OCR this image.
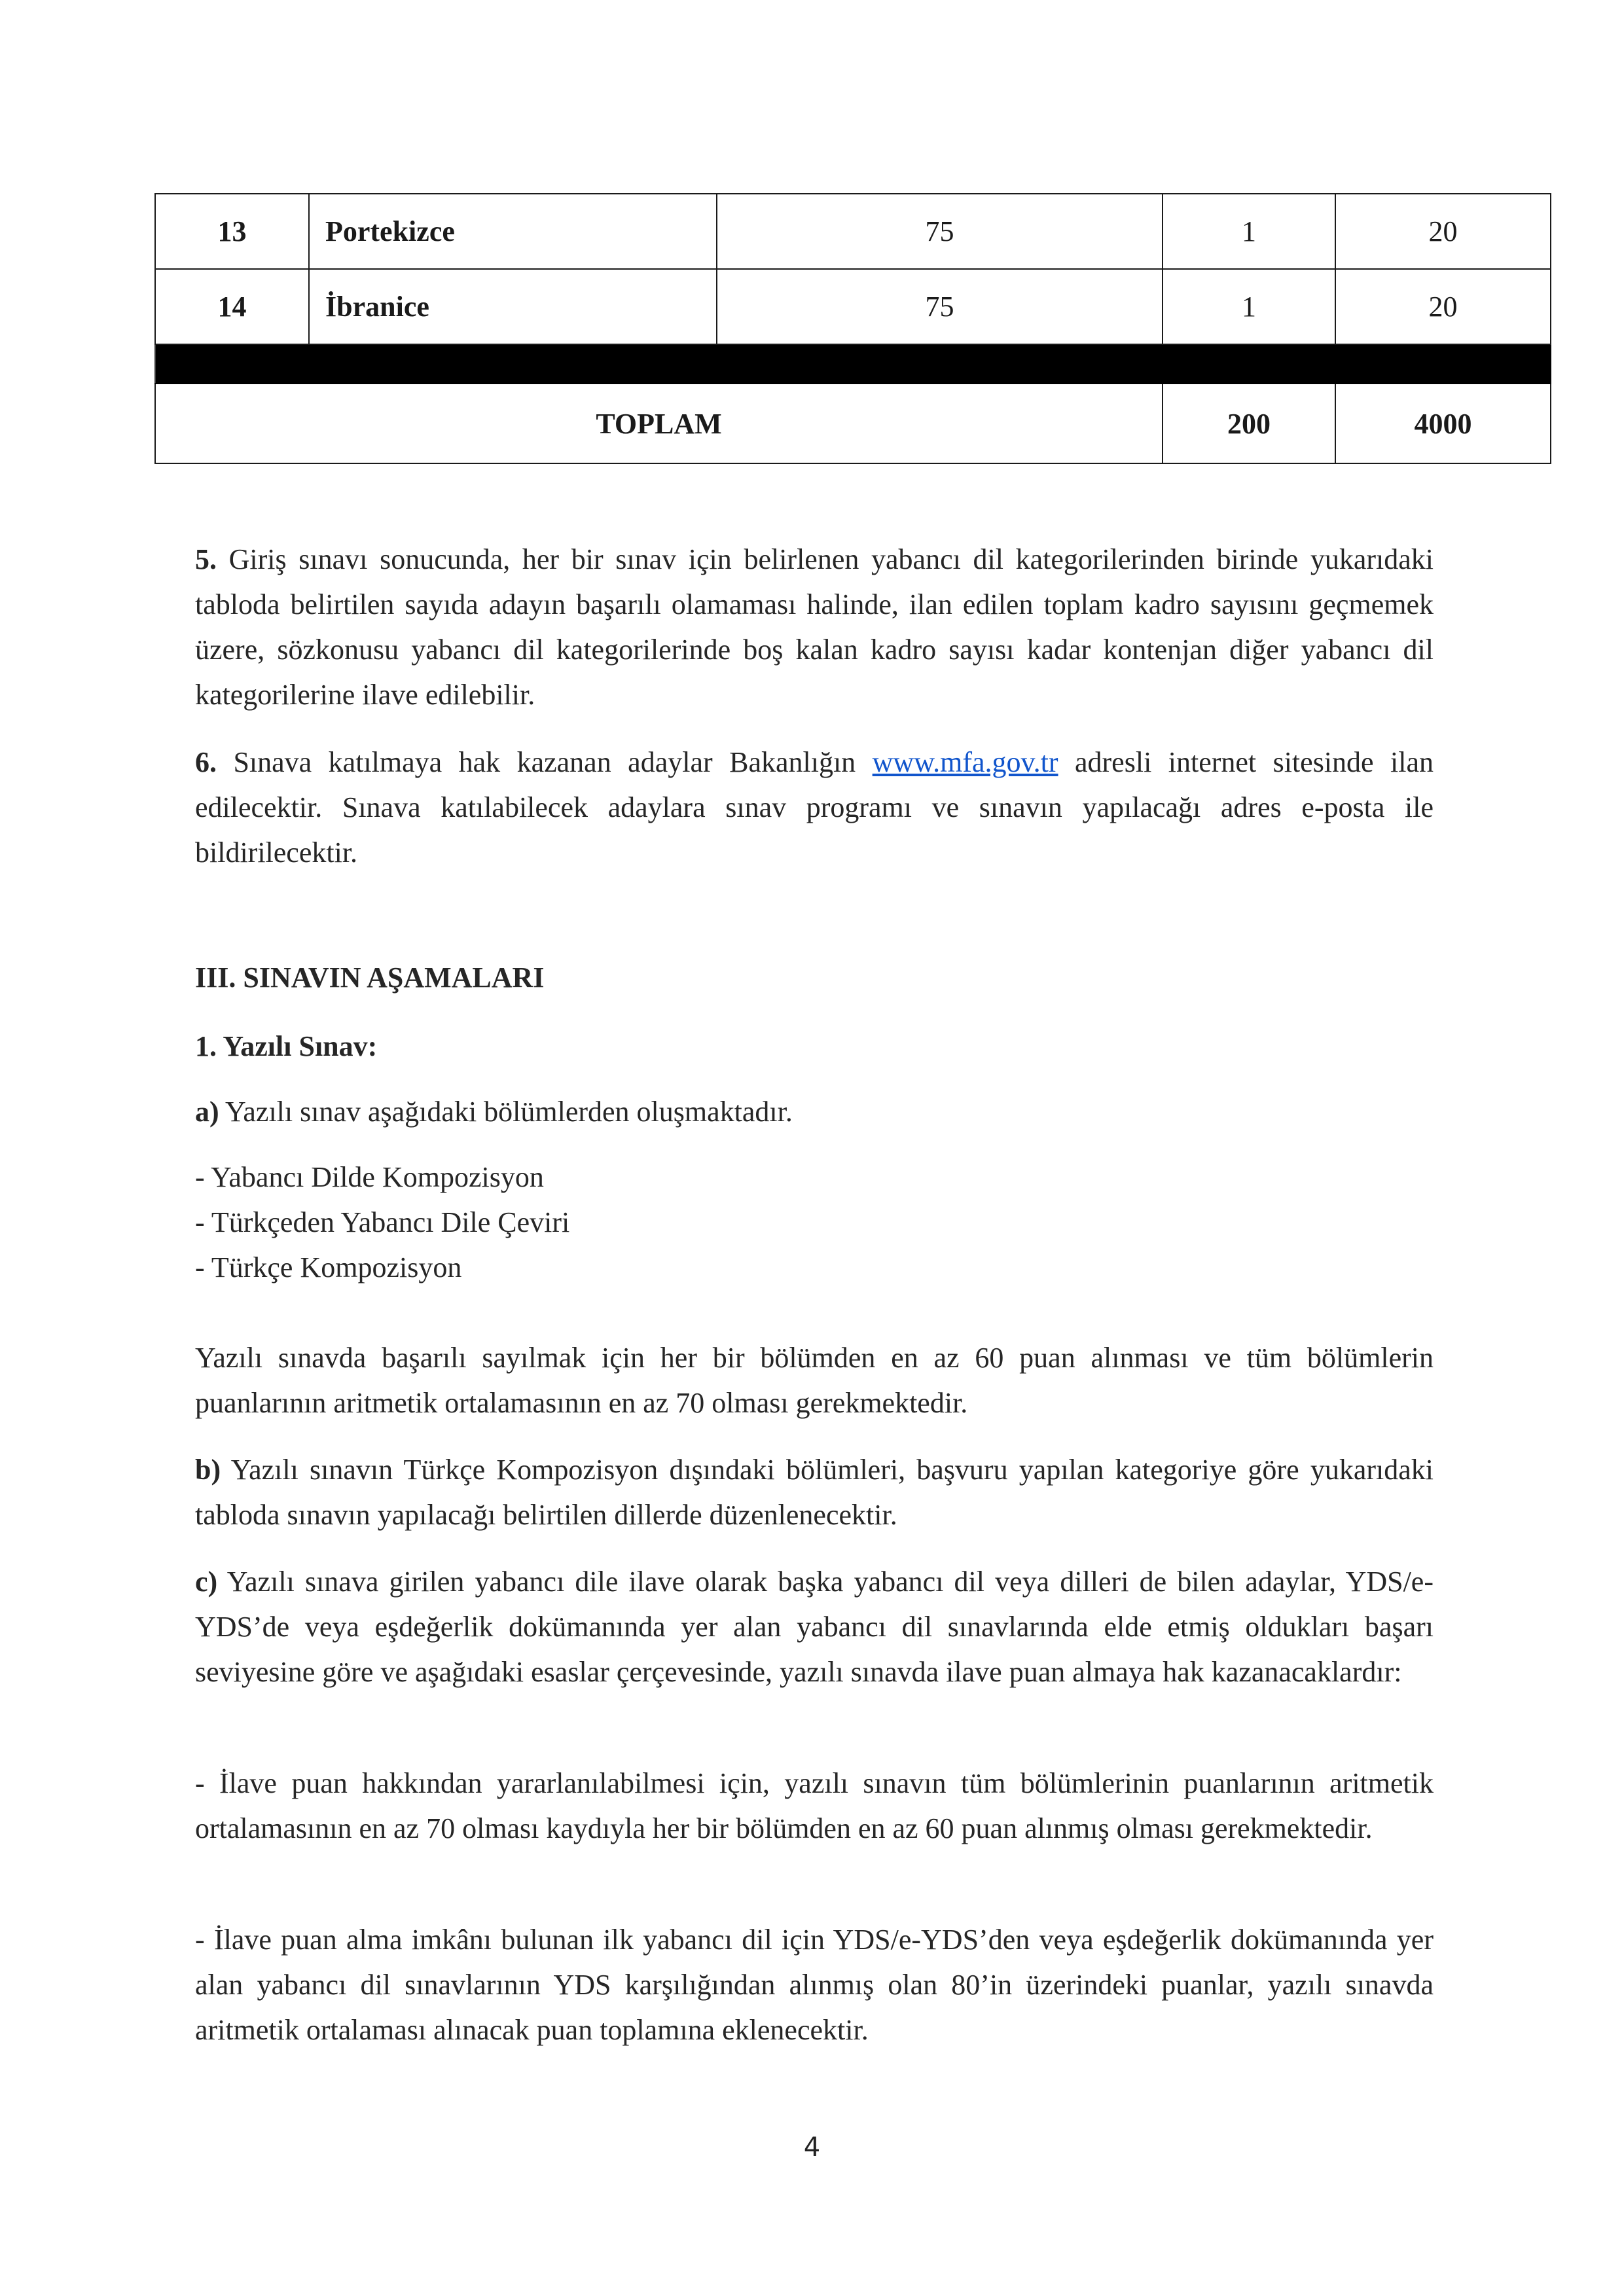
13	Portekizce	75	1	20
14	İbranice	75	1	20

TOPLAM			200	4000

5. Giriş sınavı sonucunda, her bir sınav için belirlenen yabancı dil kategorilerinden birinde yukarıdaki tabloda belirtilen sayıda adayın başarılı olamaması halinde, ilan edilen toplam kadro sayısını geçmemek üzere, sözkonusu yabancı dil kategorilerinde boş kalan kadro sayısı kadar kontenjan diğer yabancı dil kategorilerine ilave edilebilir.

6. Sınava katılmaya hak kazanan adaylar Bakanlığın www.mfa.gov.tr adresli internet sitesinde ilan edilecektir. Sınava katılabilecek adaylara sınav programı ve sınavın yapılacağı adres e-posta ile bildirilecektir.

III. SINAVIN AŞAMALARI

1. Yazılı Sınav:

a) Yazılı sınav aşağıdaki bölümlerden oluşmaktadır.

- Yabancı Dilde Kompozisyon

- Türkçeden Yabancı Dile Çeviri

- Türkçe Kompozisyon

Yazılı sınavda başarılı sayılmak için her bir bölümden en az 60 puan alınması ve tüm bölümlerin puanlarının aritmetik ortalamasının en az 70 olması gerekmektedir.

b) Yazılı sınavın Türkçe Kompozisyon dışındaki bölümleri, başvuru yapılan kategoriye göre yukarıdaki tabloda sınavın yapılacağı belirtilen dillerde düzenlenecektir.

c) Yazılı sınava girilen yabancı dile ilave olarak başka yabancı dil veya dilleri de bilen adaylar, YDS/e-YDS’de veya eşdeğerlik dokümanında yer alan yabancı dil sınavlarında elde etmiş oldukları başarı seviyesine göre ve aşağıdaki esaslar çerçevesinde, yazılı sınavda ilave puan almaya hak kazanacaklardır:

- İlave puan hakkından yararlanılabilmesi için, yazılı sınavın tüm bölümlerinin puanlarının aritmetik ortalamasının en az 70 olması kaydıyla her bir bölümden en az 60 puan alınmış olması gerekmektedir.

- İlave puan alma imkânı bulunan ilk yabancı dil için YDS/e-YDS’den veya eşdeğerlik dokümanında yer alan yabancı dil sınavlarının YDS karşılığından alınmış olan 80’in üzerindeki puanlar, yazılı sınavda aritmetik ortalaması alınacak puan toplamına eklenecektir.

4
